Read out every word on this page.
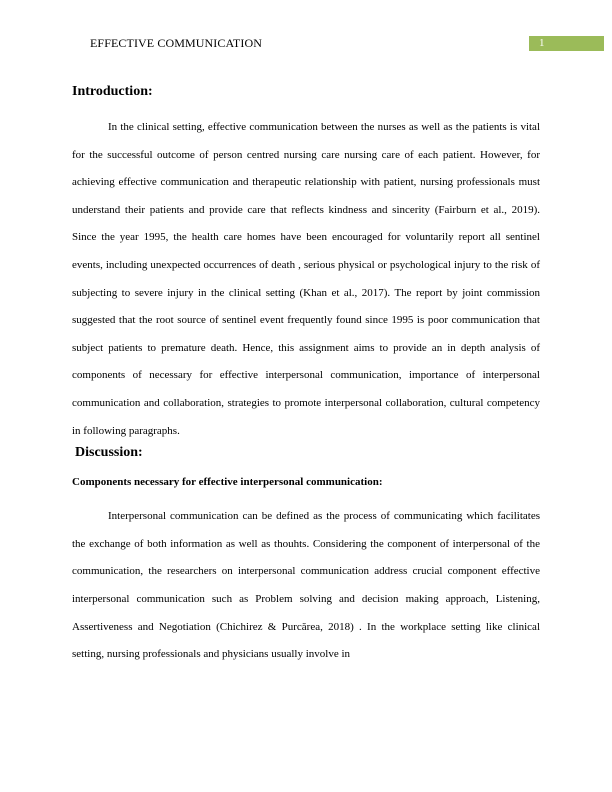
EFFECTIVE COMMUNICATION	1
Introduction:

In the clinical setting, effective communication between the nurses as well as the patients is vital for the successful outcome of person centred nursing care nursing care of each patient. However, for achieving effective communication and therapeutic relationship with patient, nursing professionals must understand their patients and provide care that reflects kindness and sincerity (Fairburn et al., 2019). Since the year 1995, the health care homes have been encouraged for voluntarily report all sentinel events, including unexpected occurrences of death , serious physical or psychological injury to the risk of subjecting to severe injury in the clinical setting (Khan et al., 2017). The report by joint commission suggested that the root source of sentinel event frequently found since 1995 is poor communication that subject patients to premature death. Hence, this assignment aims to provide an in depth analysis of components of necessary for effective interpersonal communication, importance of interpersonal communication and collaboration, strategies to promote interpersonal collaboration, cultural competency in following paragraphs.

Discussion:
Components necessary for effective interpersonal communication:

Interpersonal communication can be defined as the process of communicating which facilitates the exchange of both information as well as thouhts. Considering the component of interpersonal of the communication, the researchers on interpersonal communication address crucial component effective interpersonal communication such as Problem solving and decision making approach, Listening, Assertiveness and Negotiation (Chichirez & Purcărea, 2018) . In the workplace setting like clinical setting, nursing professionals and physicians usually involve in
